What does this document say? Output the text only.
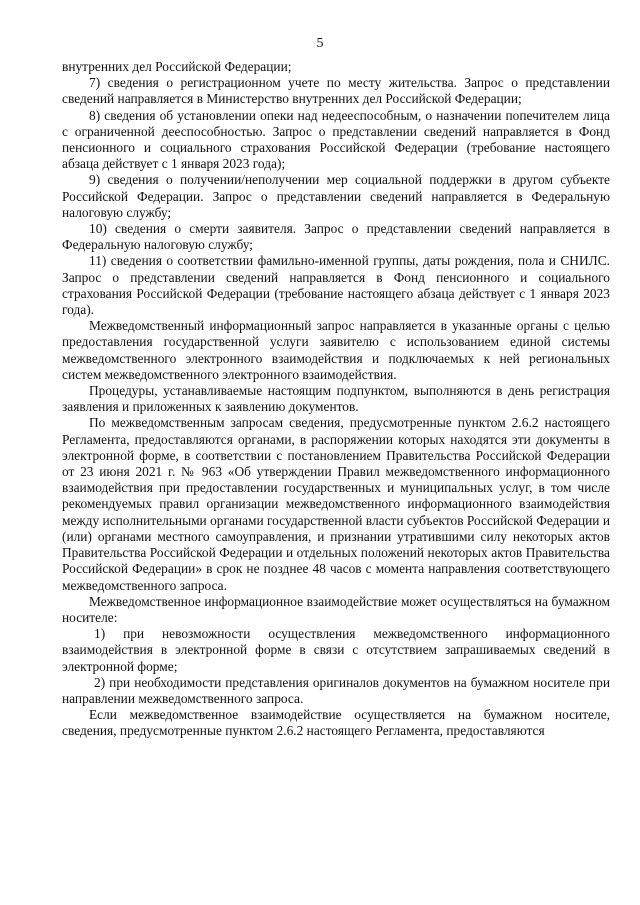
5

внутренних дел Российской Федерации;

7) сведения о регистрационном учете по месту жительства. Запрос о представлении сведений направляется в Министерство внутренних дел Российской Федерации;

8) сведения об установлении опеки над недееспособным, о назначении попечителем лица с ограниченной дееспособностью. Запрос о представлении сведений направляется в Фонд пенсионного и социального страхования Российской Федерации (требование настоящего абзаца действует с 1 января 2023 года);

9) сведения о получении/неполучении мер социальной поддержки в другом субъекте Российской Федерации. Запрос о представлении сведений направляется в Федеральную налоговую службу;

10) сведения о смерти заявителя. Запрос о представлении сведений направляется в Федеральную налоговую службу;

11) сведения о соответствии фамильно-именной группы, даты рождения, пола и СНИЛС. Запрос о представлении сведений направляется в Фонд пенсионного и социального страхования Российской Федерации (требование настоящего абзаца действует с 1 января 2023 года).

Межведомственный информационный запрос направляется в указанные органы с целью предоставления государственной услуги заявителю с использованием единой системы межведомственного электронного взаимодействия и подключаемых к ней региональных систем межведомственного электронного взаимодействия.

Процедуры, устанавливаемые настоящим подпунктом, выполняются в день регистрация заявления и приложенных к заявлению документов.

По межведомственным запросам сведения, предусмотренные пунктом 2.6.2 настоящего Регламента, предоставляются органами, в распоряжении которых находятся эти документы в электронной форме, в соответствии с постановлением Правительства Российской Федерации от 23 июня 2021 г. № 963 «Об утверждении Правил межведомственного информационного взаимодействия при предоставлении государственных и муниципальных услуг, в том числе рекомендуемых правил организации межведомственного информационного взаимодействия между исполнительными органами государственной власти субъектов Российской Федерации и (или) органами местного самоуправления, и признании утратившими силу некоторых актов Правительства Российской Федерации и отдельных положений некоторых актов Правительства Российской Федерации» в срок не позднее 48 часов с момента направления соответствующего межведомственного запроса.

Межведомственное информационное взаимодействие может осуществляться на бумажном носителе:

1) при невозможности осуществления межведомственного информационного взаимодействия в электронной форме в связи с отсутствием запрашиваемых сведений в электронной форме;

2) при необходимости представления оригиналов документов на бумажном носителе при направлении межведомственного запроса.

Если межведомственное взаимодействие осуществляется на бумажном носителе, сведения, предусмотренные пунктом 2.6.2 настоящего Регламента, предоставляются
